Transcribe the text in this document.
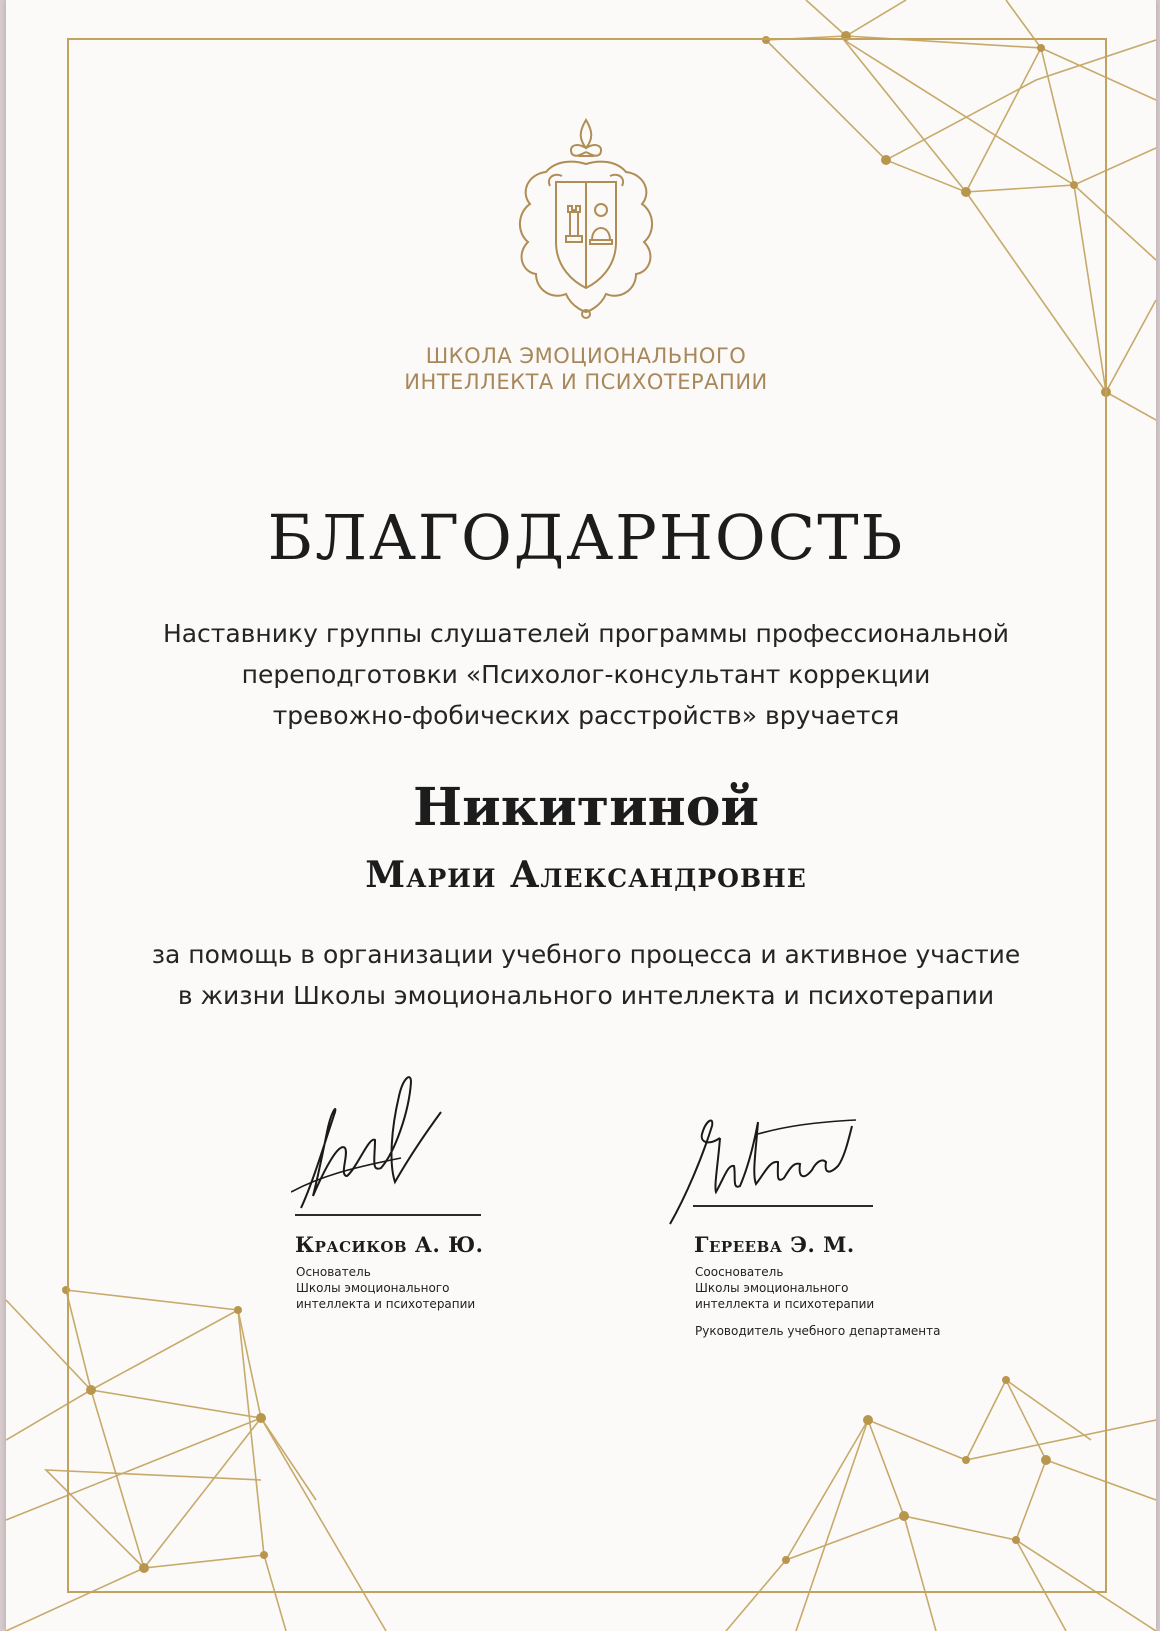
ШКОЛА ЭМОЦИОНАЛЬНОГО
ИНТЕЛЛЕКТА И ПСИХОТЕРАПИИ
БЛАГОДАРНОСТЬ
Наставнику группы слушателей программы профессиональной
переподготовки «Психолог-консультант коррекции
тревожно-фобических расстройств» вручается
Никитиной
Марии Александровне
за помощь в организации учебного процесса и активное участие
в жизни Школы эмоционального интеллекта и психотерапии
Красиков А. Ю.
Основатель
Школы эмоционального
интеллекта и психотерапии
Гереева Э. М.
Сооснователь
Школы эмоционального
интеллекта и психотерапии
Руководитель учебного департамента
